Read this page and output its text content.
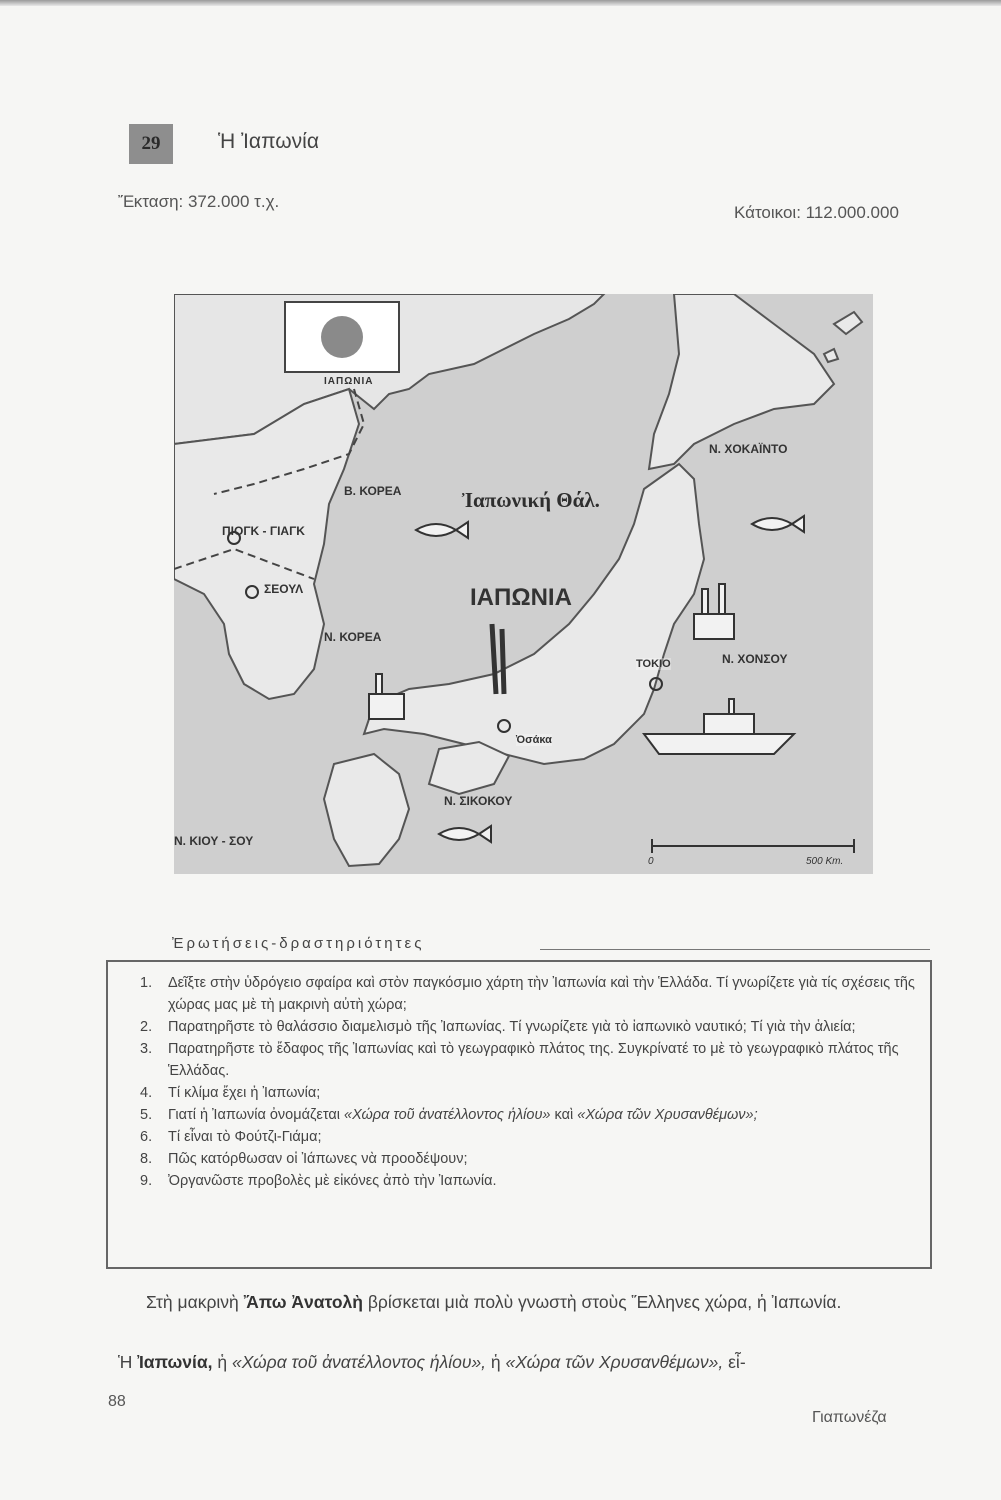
29	Ἡ Ἰαπωνία
Ἔκταση: 372.000 τ.χ.
Κάτοικοι: 112.000.000
ΙΑΠΩΝΙΑ
Ἰαπωνική Θάλ.
ΙΑΠΩΝΙΑ
Β. ΚΟΡΕΑ
Ν. ΚΟΡΕΑ
ΠΙΟΓΚ - ΓΙΑΓΚ
ΣΕΟΥΛ
Ν. ΧΟΚΑΪΝΤΟ
Ν. ΧΟΝΣΟΥ
Ν. ΣΙΚΟΚΟΥ
Ν. ΚΙΟΥ - ΣΟΥ
ΤΟΚΙΟ
Ὀσάκα
0	500 Km.
Ἐρωτήσεις-δραστηριότητες
1. Δεῖξτε στὴν ὑδρόγειο σφαίρα καὶ στὸν παγκόσμιο χάρτη τὴν Ἰαπωνία καὶ τὴν Ἑλλάδα. Τί γνωρίζετε γιὰ τίς σχέσεις τῆς χώρας μας μὲ τὴ μακρινὴ αὐτὴ χώρα;
2. Παρατηρῆστε τὸ θαλάσσιο διαμελισμὸ τῆς Ἰαπωνίας. Τί γνωρίζετε γιὰ τὸ ἰαπωνικὸ ναυτικό; Τί γιὰ τὴν ἁλιεία;
3. Παρατηρῆστε τὸ ἔδαφος τῆς Ἰαπωνίας καὶ τὸ γεωγραφικὸ πλάτος της. Συγκρίνατέ το μὲ τὸ γεωγραφικὸ πλάτος τῆς Ἑλλάδας.
4. Τί κλίμα ἔχει ἡ Ἰαπωνία;
5. Γιατί ἡ Ἰαπωνία ὀνομάζεται «Χώρα τοῦ ἀνατέλλοντος ἡλίου» καὶ «Χώρα τῶν Χρυσανθέμων»;
6. Τί εἶναι τὸ Φούτζι-Γιάμα;
8. Πῶς κατόρθωσαν οἱ Ἰάπωνες νὰ προοδέψουν;
9. Ὀργανῶστε προβολὲς μὲ εἰκόνες ἀπὸ τὴν Ἰαπωνία.
Στὴ μακρινὴ Ἄπω Ἀνατολὴ βρίσκεται μιὰ πολὺ γνωστὴ στοὺς Ἕλληνες χώρα, ἡ Ἰαπωνία.
Ἡ Ἰαπωνία, ἡ «Χώρα τοῦ ἀνατέλλοντος ἡλίου», ἡ «Χώρα τῶν Χρυσανθέμων», εἶ-
88
Γιαπωνέζα
